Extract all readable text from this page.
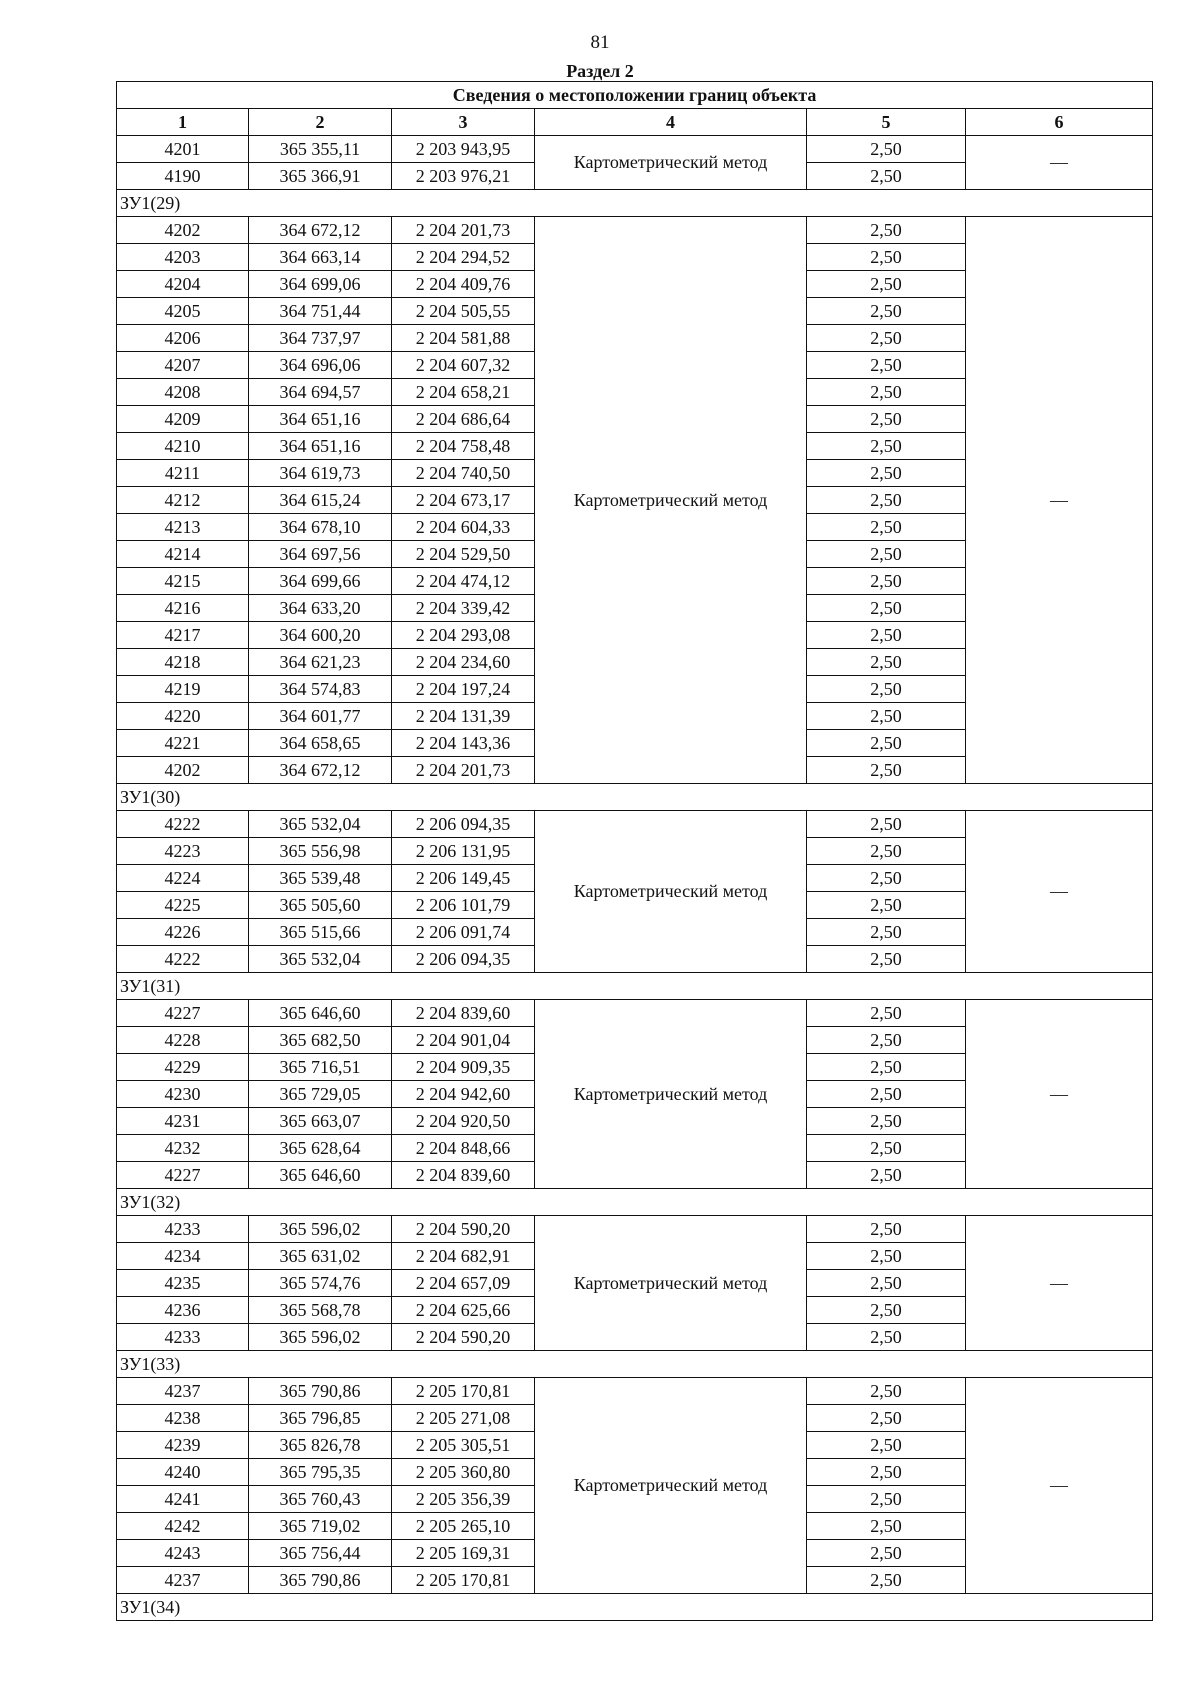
81
Раздел 2
Сведения о местоположении границ объекта					
1	2	3	4	5	6
4201	365 355,11	2 203 943,95	Картометрический метод	2,50	—
4190	365 366,91	2 203 976,21		2,50	
ЗУ1(29)					
4202	364 672,12	2 204 201,73	Картометрический метод	2,50	—
4203	364 663,14	2 204 294,52		2,50	
4204	364 699,06	2 204 409,76		2,50	
4205	364 751,44	2 204 505,55		2,50	
4206	364 737,97	2 204 581,88		2,50	
4207	364 696,06	2 204 607,32		2,50	
4208	364 694,57	2 204 658,21		2,50	
4209	364 651,16	2 204 686,64		2,50	
4210	364 651,16	2 204 758,48		2,50	
4211	364 619,73	2 204 740,50		2,50	
4212	364 615,24	2 204 673,17		2,50	
4213	364 678,10	2 204 604,33		2,50	
4214	364 697,56	2 204 529,50		2,50	
4215	364 699,66	2 204 474,12		2,50	
4216	364 633,20	2 204 339,42		2,50	
4217	364 600,20	2 204 293,08		2,50	
4218	364 621,23	2 204 234,60		2,50	
4219	364 574,83	2 204 197,24		2,50	
4220	364 601,77	2 204 131,39		2,50	
4221	364 658,65	2 204 143,36		2,50	
4202	364 672,12	2 204 201,73		2,50	
ЗУ1(30)					
4222	365 532,04	2 206 094,35	Картометрический метод	2,50	—
4223	365 556,98	2 206 131,95		2,50	
4224	365 539,48	2 206 149,45		2,50	
4225	365 505,60	2 206 101,79		2,50	
4226	365 515,66	2 206 091,74		2,50	
4222	365 532,04	2 206 094,35		2,50	
ЗУ1(31)					
4227	365 646,60	2 204 839,60	Картометрический метод	2,50	—
4228	365 682,50	2 204 901,04		2,50	
4229	365 716,51	2 204 909,35		2,50	
4230	365 729,05	2 204 942,60		2,50	
4231	365 663,07	2 204 920,50		2,50	
4232	365 628,64	2 204 848,66		2,50	
4227	365 646,60	2 204 839,60		2,50	
ЗУ1(32)					
4233	365 596,02	2 204 590,20	Картометрический метод	2,50	—
4234	365 631,02	2 204 682,91		2,50	
4235	365 574,76	2 204 657,09		2,50	
4236	365 568,78	2 204 625,66		2,50	
4233	365 596,02	2 204 590,20		2,50	
ЗУ1(33)					
4237	365 790,86	2 205 170,81	Картометрический метод	2,50	—
4238	365 796,85	2 205 271,08		2,50	
4239	365 826,78	2 205 305,51		2,50	
4240	365 795,35	2 205 360,80		2,50	
4241	365 760,43	2 205 356,39		2,50	
4242	365 719,02	2 205 265,10		2,50	
4243	365 756,44	2 205 169,31		2,50	
4237	365 790,86	2 205 170,81		2,50	
ЗУ1(34)					
